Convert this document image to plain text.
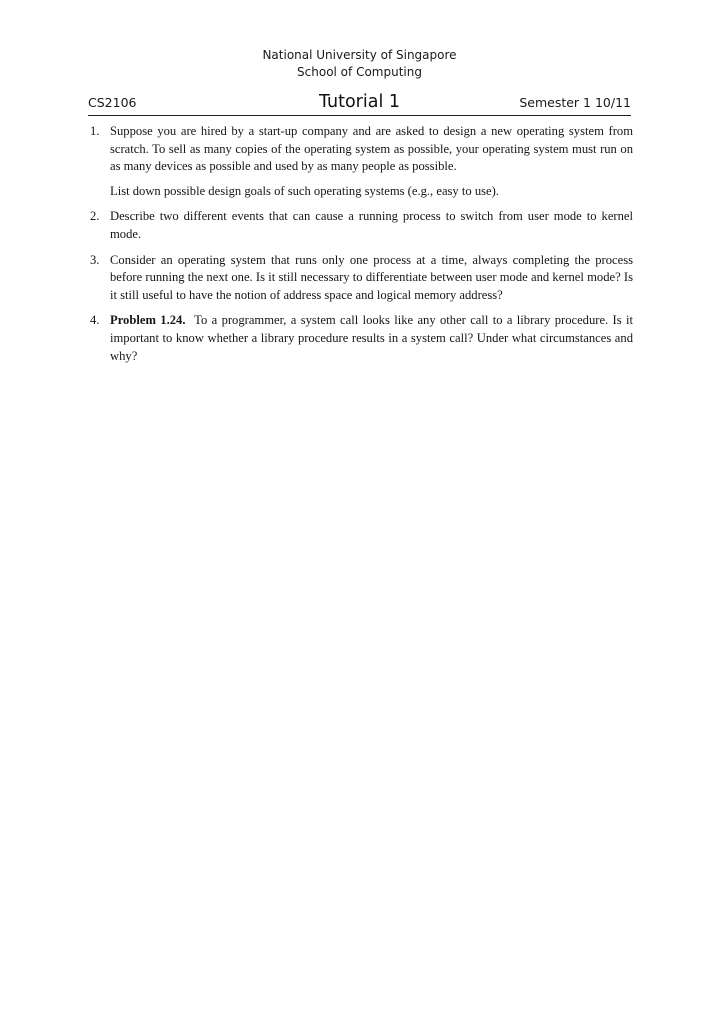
National University of Singapore
School of Computing
CS2106	Tutorial 1	Semester 1 10/11
1. Suppose you are hired by a start-up company and are asked to design a new operating system from scratch. To sell as many copies of the operating system as possible, your operating system must run on as many devices as possible and used by as many people as possible.

List down possible design goals of such operating systems (e.g., easy to use).

2. Describe two different events that can cause a running process to switch from user mode to kernel mode.

3. Consider an operating system that runs only one process at a time, always completing the process before running the next one. Is it still necessary to differentiate between user mode and kernel mode? Is it still useful to have the notion of address space and logical memory address?

4. Problem 1.24. To a programmer, a system call looks like any other call to a library procedure. Is it important to know whether a library procedure results in a system call? Under what circumstances and why?
